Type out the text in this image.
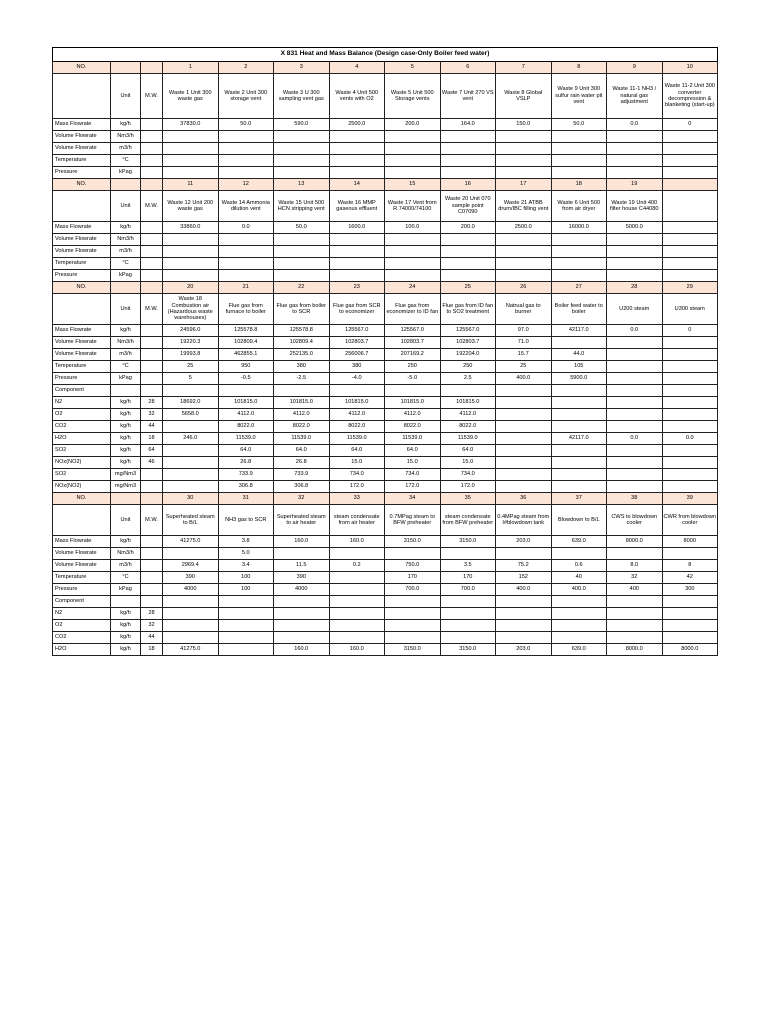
X 831 Heat and Mass Balance (Design case-Only Boiler feed water)												
NO.			1	2	3	4	5	6	7	8	9	10
	Unit	M.W.	Waste 1 Unit 300 waste gas	Waste 2 Unit 300 storage vent	Waste 3 U 300 sampling vent gas	Waste 4 Unit 500 vents with O2	Waste 5 Unit 500 Storage vents	Waste 7 Unit 270 VS vent	Waste 8 Global VSLP	Waste 9 Unit 300 sulfur rain water pit vent	Waste 11-1 NH3 / natural gas adjustment	Waste 11-2 Unit 300 converter decompression & blanketing (start-up)
Mass Flowrate	kg/h		37830.0	50.0	590.0	2500.0	200.0	164.0	150.0	50.0	0.0	0
Volume Flowrate	Nm3/h											
Volume Flowrate	m3/h											
Temperature	°C											
Pressure	kPag											
NO.			11	12	13	14	15	16	17	18	19	
	Unit	M.W.	Waste 12 Unit 200 waste gas	Waste 14 Ammonia dilution vent	Waste 15 Unit 500 HCN stripping vent	Waste 16 MMP gaseous effluent	Waste 17 Vent from R 74000/74100	Waste 20 Unit 070 sample point C07090	Waste 21 ATBB drum/IBC filling vent	Waste 6 Unit 500 from air dryer	Waste 19 Unit 400 filter house C44080	
Mass Flowrate	kg/h		33860.0	0.0	50.0	1600.0	100.0	200.0	2500.0	16000.0	5000.0	
Volume Flowrate	Nm3/h											
Volume Flowrate	m3/h											
Temperature	°C											
Pressure	kPag											
NO.			20	21	22	23	24	25	26	27	28	29
	Unit	M.W.	Waste 18 Combustion air (Hazardous waste warehouses)	Flue gas from furnace to boiler	Flue gas from boiler to SCR	Flue gas from SCR to economizer	Flue gas from economizer to ID fan	Flue gas from ID fan to SO2 treatment	Natrual gas to burner	Boiler feed water to boiler	U200 steam	U300 steam
Mass Flowrate	kg/h		24596.0	125578.8	125578.8	125567.0	125567.0	125567.0	97.0	42117.0	0.0	0
Volume Flowrate	Nm3/h		19220.3	102809.4	102809.4	102803.7	102803.7	102803.7	71.0			
Volume Flowrate	m3/h		19993.8	462855.1	252135.0	256006.7	207169.2	192204.0	15.7	44.0		
Temperature	°C		25	950	380	380	250	250	25	105		
Pressure	kPag		5	-0.5	-2.5	-4.0	-5.0	2.5	400.0	5900.0		
Component												
N2	kg/h	28	18692.0	101815.0	101815.0	101815.0	101815.0	101815.0				
O2	kg/h	32	5658.0	4112.0	4112.0	4112.0	4112.0	4112.0				
CO2	kg/h	44		8022.0	8022.0	8022.0	8022.0	8022.0				
H2O	kg/h	18	246.0	11539.0	11539.0	11539.0	11539.0	11539.0		42117.0	0.0	0.0
SO2	kg/h	64		64.0	64.0	64.0	64.0	64.0				
NOx(NO2)	kg/h	46		26.8	26.8	15.0	15.0	15.0				
SO2	mg/Nm3			733.9	733.9	734.0	734.0	734.0				
NOx(NO2)	mg/Nm3			306.8	306.8	172.0	172.0	172.0				
NO.			30	31	32	33	34	35	36	37	38	39
	Unit	M.W.	Superheated steam to B/L	NH3 gas to SCR	Superheated steam to air heater	steam condensate from air heater	0.7MPag steam to BFW preheater	steam condensate from BFW preheater	0.4MPag steam from I#blowdown tank	Blowdown to B/L	CWS to blowdown cooler	CWR from blowdown cooler
Mass Flowrate	kg/h		41275.0	3.8	160.0	160.0	3150.0	3150.0	203.0	639.0	8000.0	8000
Volume Flowrate	Nm3/h			5.0								
Volume Flowrate	m3/h		2969.4	3.4	11.5	0.2	750.0	3.5	75.2	0.6	8.0	8
Temperature	°C		390	100	390		170	170	152	40	32	42
Pressure	kPag		4000	100	4000		700.0	700.0	400.0	400.0	400	300
Component												
N2	kg/h	28										
O2	kg/h	32										
CO2	kg/h	44										
H2O	kg/h	18	41275.0		160.0	160.0	3150.0	3150.0	203.0	639.0	8000.0	8000.0
